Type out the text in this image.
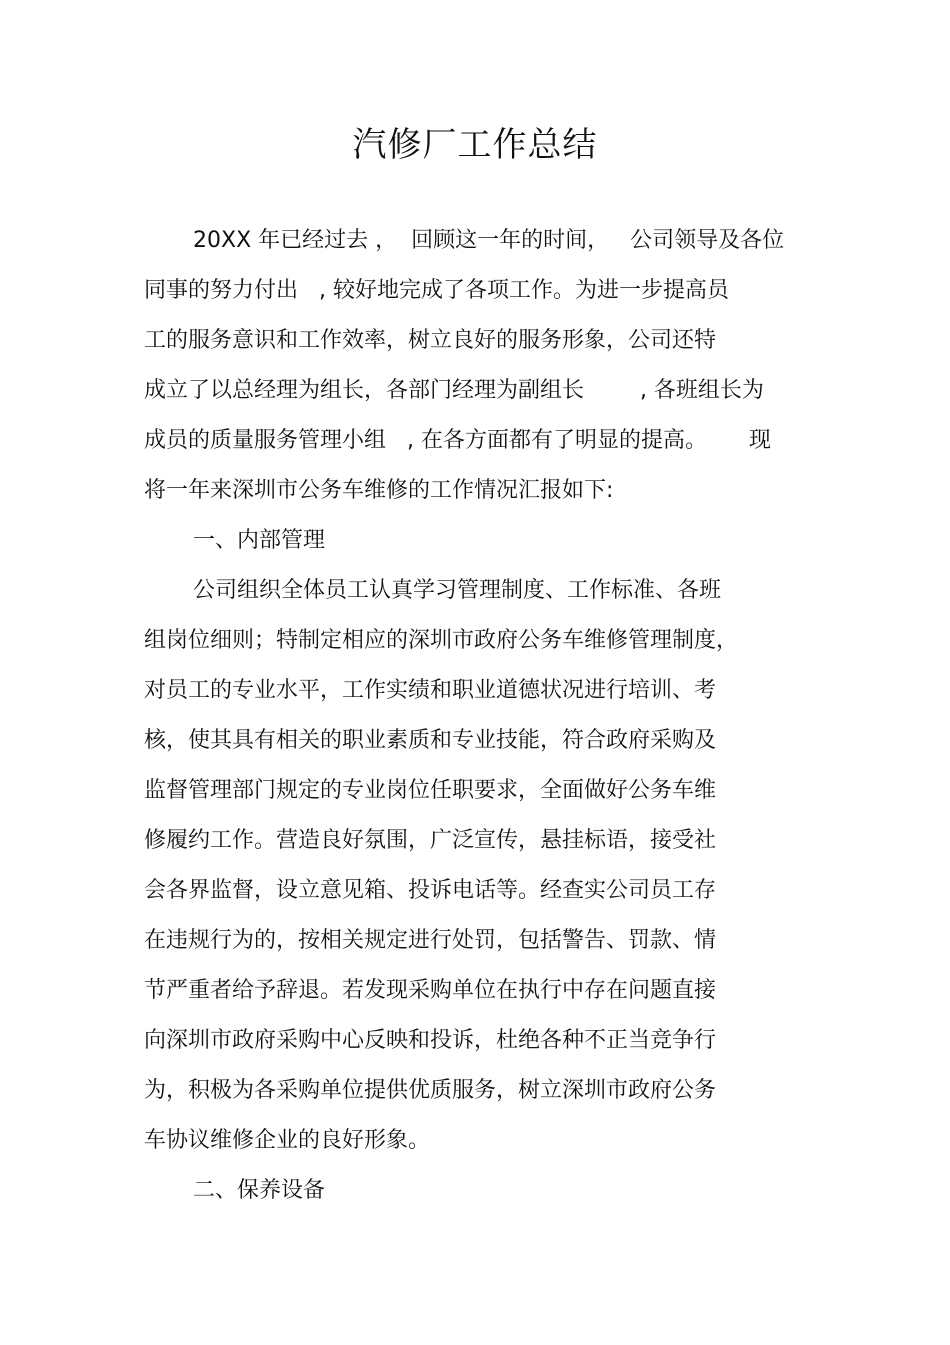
汽修厂工作总结
20XX 年已经过去 ，  回顾这一年的时间，   公司领导及各位
同事的努力付出   , 较好地完成了各项工作。为进一步提高员
工的服务意识和工作效率，树立良好的服务形象，公司还特
成立了以总经理为组长，各部门经理为副组长        , 各班组长为
成员的质量服务管理小组   , 在各方面都有了明显的提高。      现
将一年来深圳市公务车维修的工作情况汇报如下:
一、内部管理
公司组织全体员工认真学习管理制度、工作标准、各班
组岗位细则；特制定相应的深圳市政府公务车维修管理制度，
对员工的专业水平，工作实绩和职业道德状况进行培训、考
核，使其具有相关的职业素质和专业技能，符合政府采购及
监督管理部门规定的专业岗位任职要求，全面做好公务车维
修履约工作。营造良好氛围，广泛宣传，悬挂标语，接受社
会各界监督，设立意见箱、投诉电话等。经查实公司员工存
在违规行为的，按相关规定进行处罚，包括警告、罚款、情
节严重者给予辞退。若发现采购单位在执行中存在问题直接
向深圳市政府采购中心反映和投诉，杜绝各种不正当竞争行
为，积极为各采购单位提供优质服务，树立深圳市政府公务
车协议维修企业的良好形象。
二、保养设备
